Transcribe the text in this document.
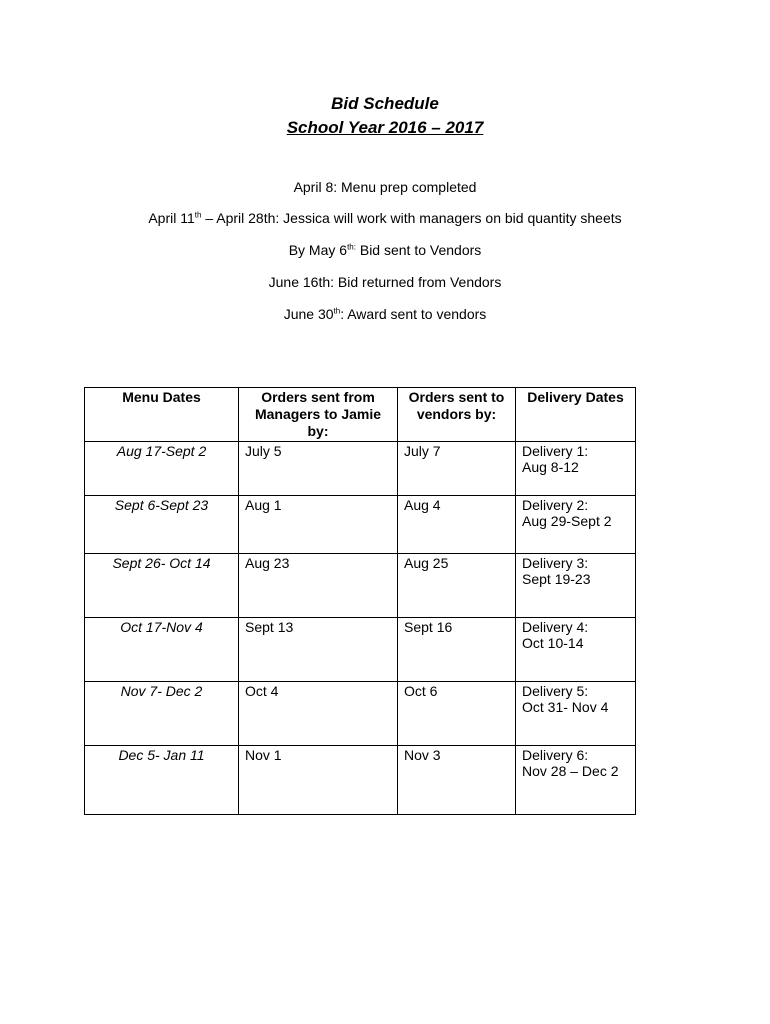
Bid Schedule
School Year 2016 – 2017
April 8: Menu prep completed
April 11th – April 28th: Jessica will work with managers on bid quantity sheets
By May $6^{th:}$ Bid sent to Vendors
June 16th: Bid returned from Vendors
June 30th: Award sent to vendors
Menu Dates	Orders sent from Managers to Jamie by:	Orders sent to vendors by:	Delivery Dates
Aug 17-Sept 2	July 5	July 7	Delivery 1:
Aug 8-12

Sept 6-Sept 23	Aug 1	Aug 4	Delivery 2:
Aug 29-Sept 2

Sept 26- Oct 14	Aug 23	Aug 25	Delivery 3:
Sept 19-23

Oct 17-Nov 4	Sept 13	Sept 16	Delivery 4:
Oct 10-14

Nov 7- Dec 2	Oct 4	Oct 6	Delivery 5:
Oct 31- Nov 4

Dec 5- Jan 11	Nov 1	Nov 3	Delivery 6:
Nov 28 – Dec 2
